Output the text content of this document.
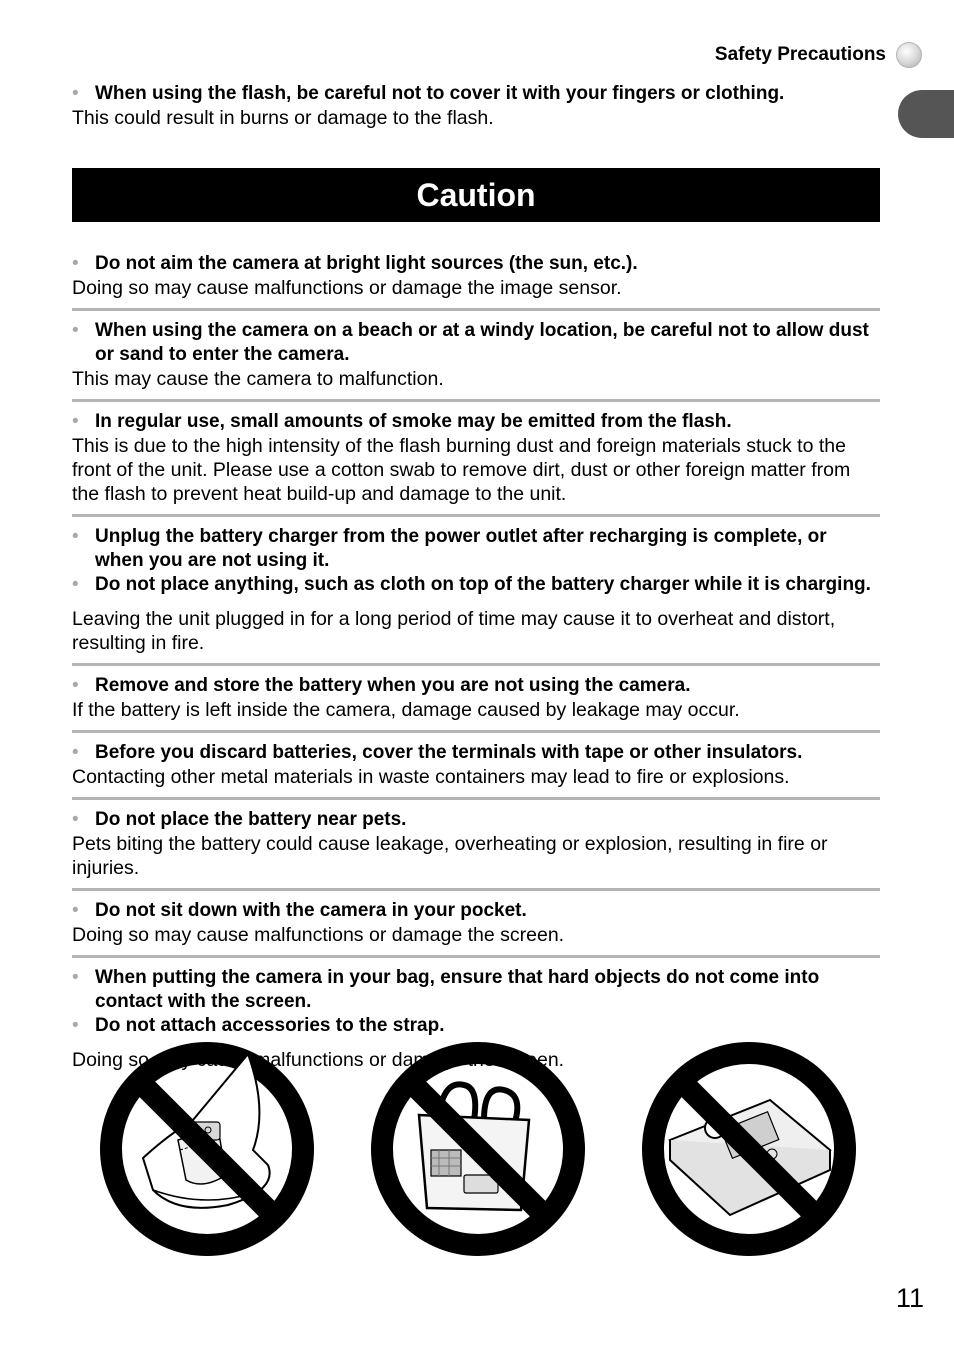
Safety Precautions
• When using the flash, be careful not to cover it with your fingers or clothing.
This could result in burns or damage to the flash.
Caution
• Do not aim the camera at bright light sources (the sun, etc.).
Doing so may cause malfunctions or damage the image sensor.
• When using the camera on a beach or at a windy location, be careful not to allow dust or sand to enter the camera.
This may cause the camera to malfunction.
• In regular use, small amounts of smoke may be emitted from the flash.
This is due to the high intensity of the flash burning dust and foreign materials stuck to the front of the unit. Please use a cotton swab to remove dirt, dust or other foreign matter from the flash to prevent heat build-up and damage to the unit.
• Unplug the battery charger from the power outlet after recharging is complete, or when you are not using it.
• Do not place anything, such as cloth on top of the battery charger while it is charging.
Leaving the unit plugged in for a long period of time may cause it to overheat and distort, resulting in fire.
• Remove and store the battery when you are not using the camera.
If the battery is left inside the camera, damage caused by leakage may occur.
• Before you discard batteries, cover the terminals with tape or other insulators.
Contacting other metal materials in waste containers may lead to fire or explosions.
• Do not place the battery near pets.
Pets biting the battery could cause leakage, overheating or explosion, resulting in fire or injuries.
• Do not sit down with the camera in your pocket.
Doing so may cause malfunctions or damage the screen.
• When putting the camera in your bag, ensure that hard objects do not come into contact with the screen.
• Do not attach accessories to the strap.
Doing so may cause malfunctions or damage the screen.
11
